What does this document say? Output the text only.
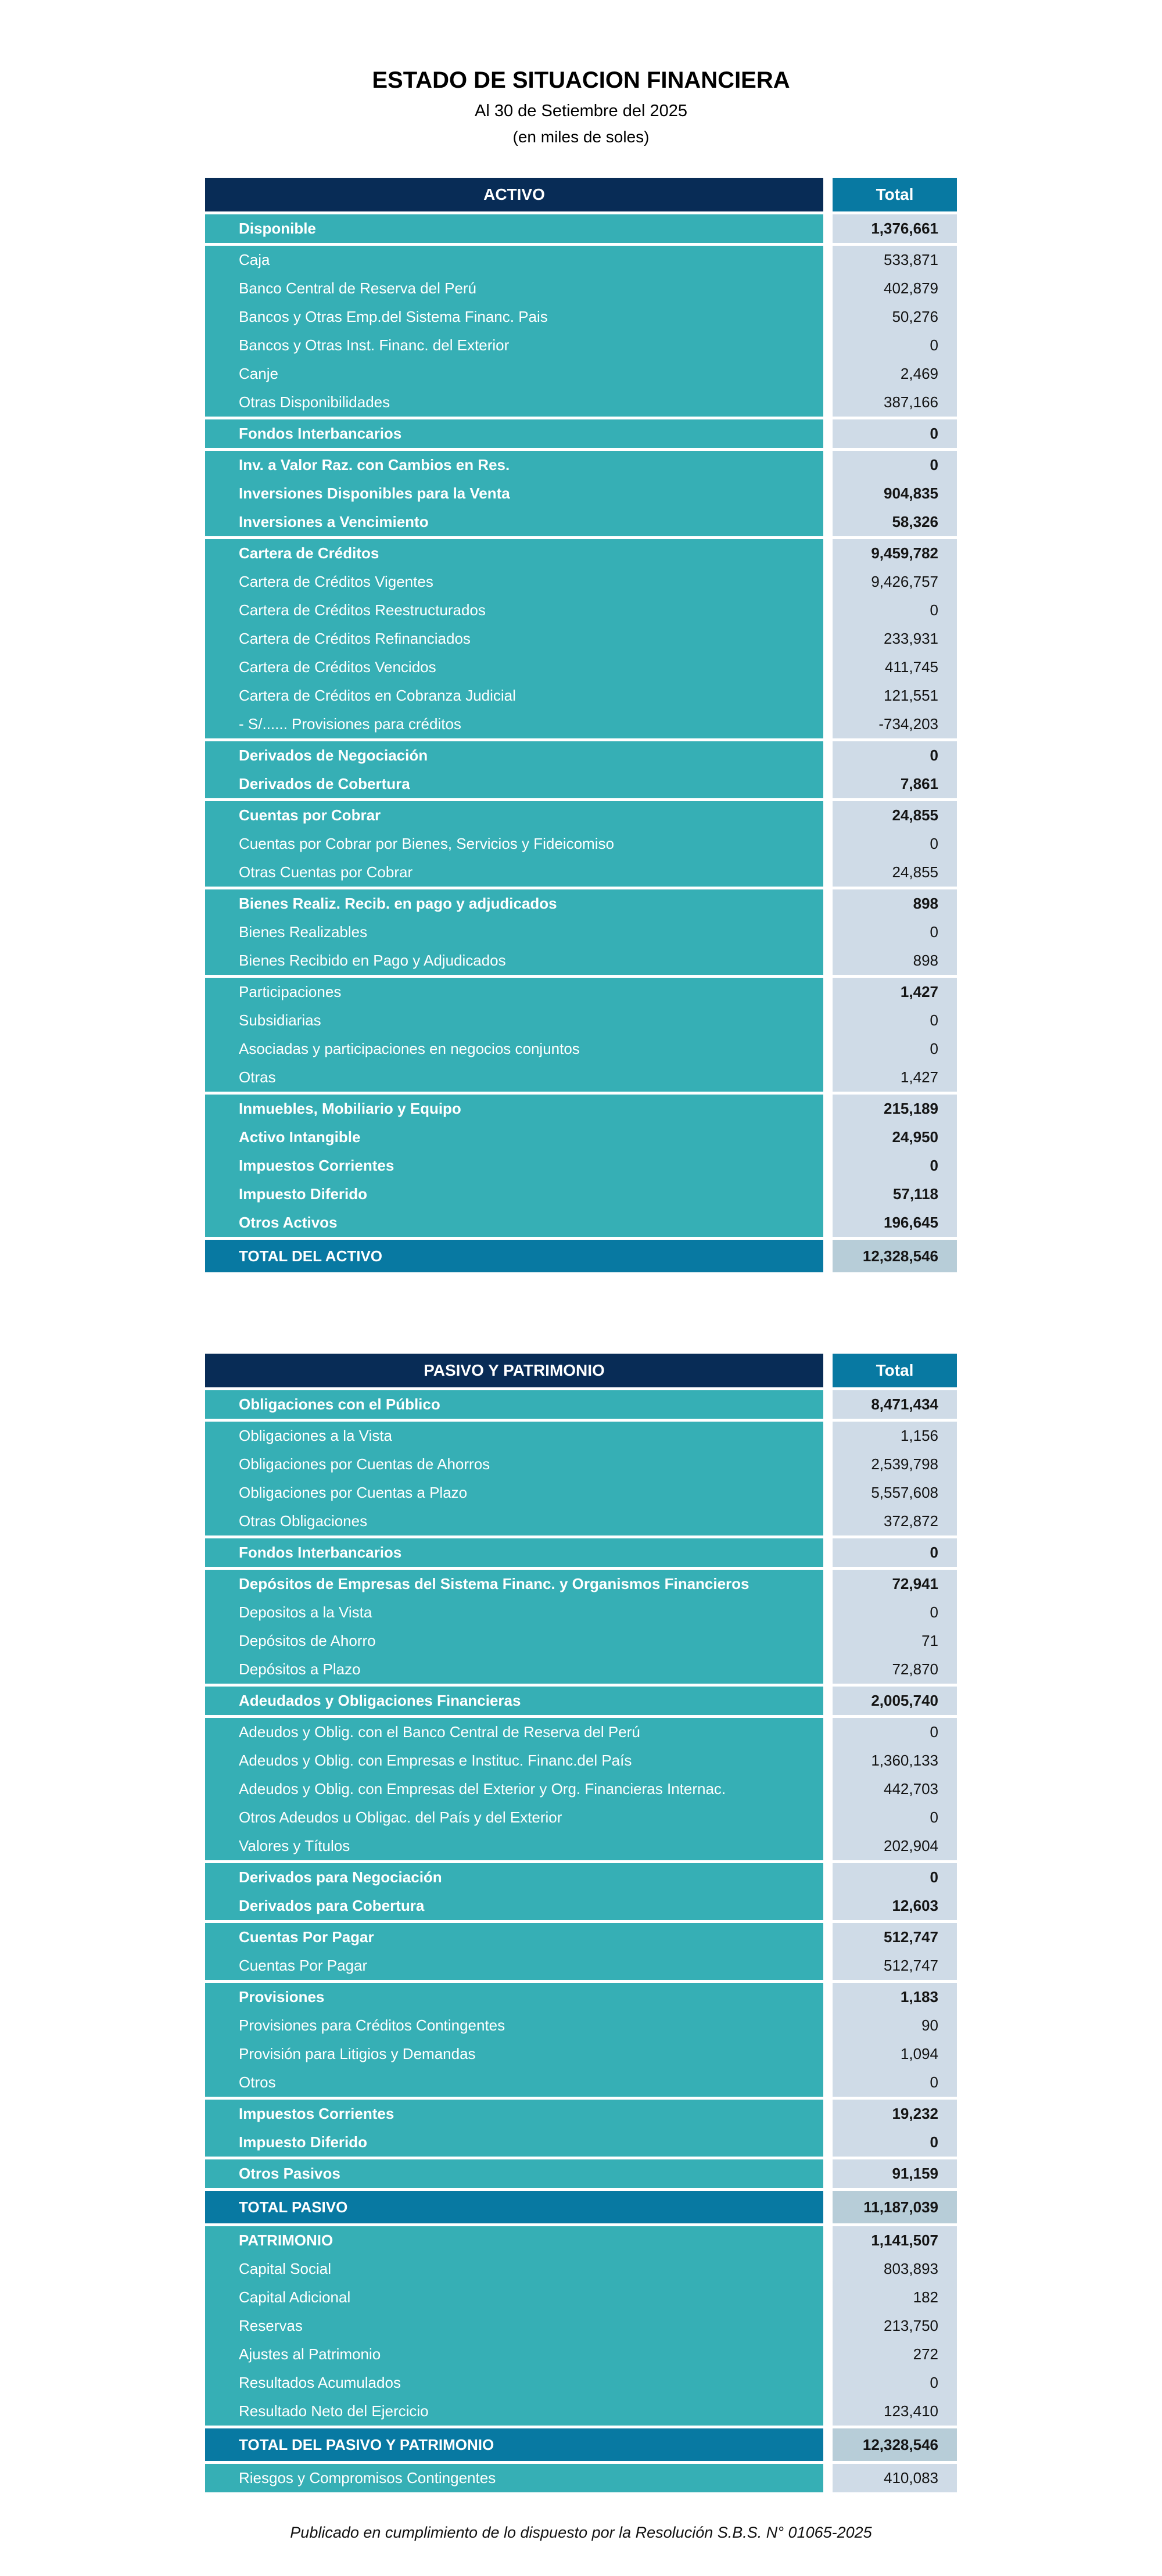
ESTADO DE SITUACION FINANCIERA

Al 30 de Setiembre del 2025

(en miles de soles)

ACTIVO	Total
Disponible	1,376,661
Caja	533,871
Banco Central de Reserva del Perú	402,879
Bancos y Otras Emp.del Sistema Financ. Pais	50,276
Bancos y Otras Inst. Financ. del Exterior	0
Canje	2,469
Otras Disponibilidades	387,166
Fondos Interbancarios	0
Inv. a Valor Raz. con Cambios en Res.	0
Inversiones Disponibles para la Venta	904,835
Inversiones a Vencimiento	58,326
Cartera de Créditos	9,459,782
Cartera de Créditos Vigentes	9,426,757
Cartera de Créditos Reestructurados	0
Cartera de Créditos Refinanciados	233,931
Cartera de Créditos Vencidos	411,745
Cartera de Créditos en Cobranza Judicial	121,551
- S/...... Provisiones para créditos	-734,203
Derivados de Negociación	0
Derivados de Cobertura	7,861
Cuentas por Cobrar	24,855
Cuentas por Cobrar por Bienes, Servicios y Fideicomiso	0
Otras Cuentas por Cobrar	24,855
Bienes Realiz. Recib. en pago y adjudicados	898
Bienes Realizables	0
Bienes Recibido en Pago y Adjudicados	898
Participaciones	1,427
Subsidiarias	0
Asociadas y participaciones en negocios conjuntos	0
Otras	1,427
Inmuebles, Mobiliario y Equipo	215,189
Activo Intangible	24,950
Impuestos Corrientes	0
Impuesto Diferido	57,118
Otros Activos	196,645
TOTAL DEL ACTIVO	12,328,546
PASIVO Y PATRIMONIO	Total
Obligaciones con el Público	8,471,434
Obligaciones a la Vista	1,156
Obligaciones por Cuentas de Ahorros	2,539,798
Obligaciones por Cuentas a Plazo	5,557,608
Otras Obligaciones	372,872
Fondos Interbancarios	0
Depósitos de Empresas del Sistema Financ. y Organismos Financieros	72,941
Depositos a la Vista	0
Depósitos de Ahorro	71
Depósitos a Plazo	72,870
Adeudados y Obligaciones Financieras	2,005,740
Adeudos y Oblig. con el Banco Central de Reserva del Perú	0
Adeudos y Oblig. con Empresas e Instituc. Financ.del País	1,360,133
Adeudos y Oblig. con Empresas del Exterior y Org. Financieras Internac.	442,703
Otros Adeudos u Obligac. del País y del Exterior	0
Valores y Títulos	202,904
Derivados para Negociación	0
Derivados para Cobertura	12,603
Cuentas Por Pagar	512,747
Cuentas Por Pagar	512,747
Provisiones	1,183
Provisiones para Créditos Contingentes	90
Provisión para Litigios y Demandas	1,094
Otros	0
Impuestos Corrientes	19,232
Impuesto Diferido	0
Otros Pasivos	91,159
TOTAL PASIVO	11,187,039
PATRIMONIO	1,141,507
Capital Social	803,893
Capital Adicional	182
Reservas	213,750
Ajustes al Patrimonio	272
Resultados Acumulados	0
Resultado Neto del Ejercicio	123,410
TOTAL DEL PASIVO Y PATRIMONIO	12,328,546
Riesgos y Compromisos Contingentes	410,083

Publicado en cumplimiento de lo dispuesto por la Resolución S.B.S. N° 01065-2025
